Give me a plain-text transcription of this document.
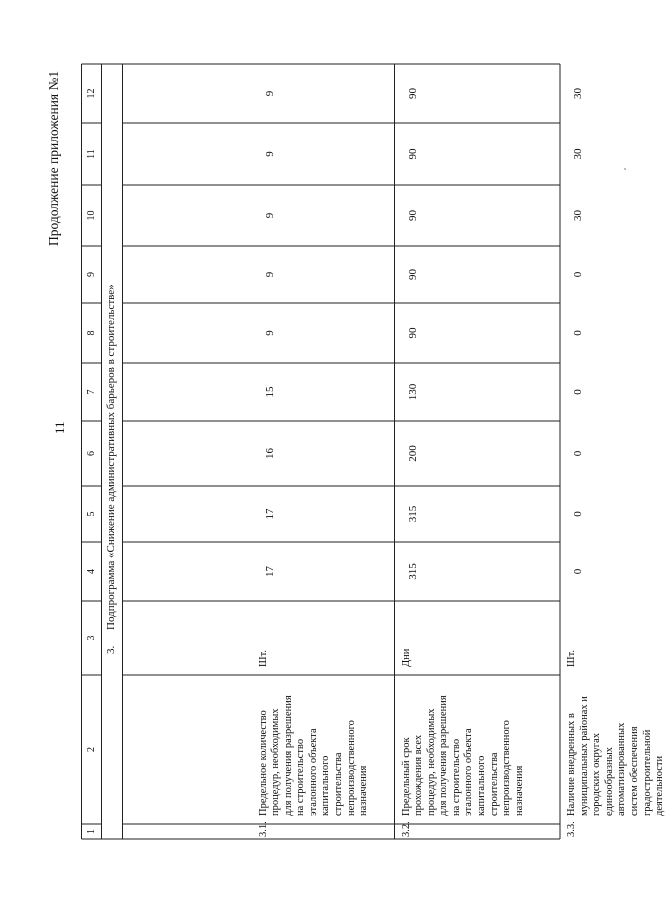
11
Продолжение приложения №1
1
2
3
4
5
6
7
8
9
10
11
12
3.
Подпрограмма «Снижение административных барьеров в строительстве»
3.1.
Предельное количество
процедур, необходимых
для получения разрешения
на строительство
эталонного объекта
капитального
строительства
непроизводственного
назначения
Шт.
17
17
16
15
9
9
9
9
9
3.2.
Предельный срок
прохождения всех
процедур, необходимых
для получения разрешения
на строительство
эталонного объекта
капитального
строительства
непроизводственного
назначения
Дни
315
315
200
130
90
90
90
90
90
3.3.
Наличие внедренных в
муниципальных районах и
городских округах
единообразных
автоматизированных
систем обеспечения
градостроительной
деятельности
Шт.
0
0
0
0
0
0
30
30
30
